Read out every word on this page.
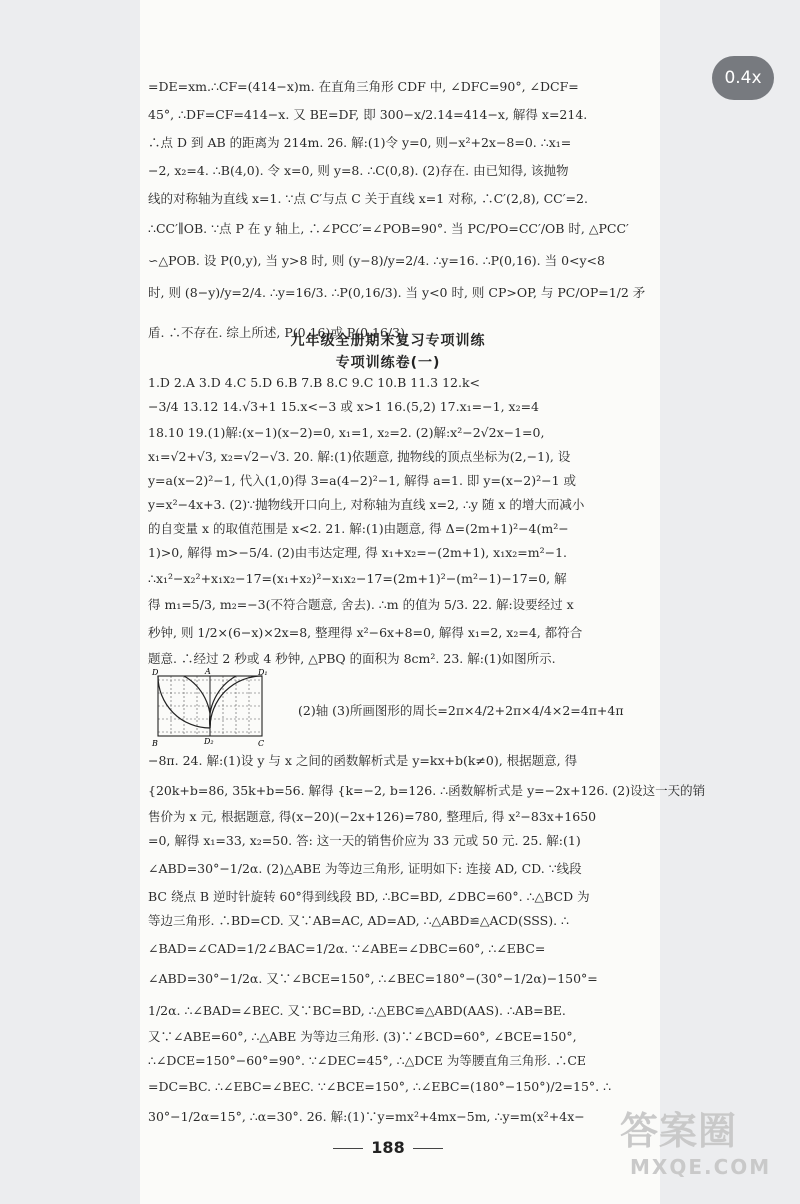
0.4x
=DE=xm.∴CF=(414−x)m. 在直角三角形 CDF 中, ∠DFC=90°, ∠DCF=
45°, ∴DF=CF=414−x. 又 BE=DF, 即 300−x/2.14=414−x, 解得 x=214.
∴点 D 到 AB 的距离为 214m. 26. 解:(1)令 y=0, 则−x²+2x−8=0. ∴x₁=
−2, x₂=4. ∴B(4,0). 令 x=0, 则 y=8. ∴C(0,8). (2)存在. 由已知得, 该抛物
线的对称轴为直线 x=1. ∵点 C′与点 C 关于直线 x=1 对称, ∴C′(2,8), CC′=2.
∴CC′∥OB. ∵点 P 在 y 轴上, ∴∠PCC′=∠POB=90°. 当 PC/PO=CC′/OB 时, △PCC′
∽△POB. 设 P(0,y), 当 y>8 时, 则 (y−8)/y=2/4. ∴y=16. ∴P(0,16). 当 0<y<8
时, 则 (8−y)/y=2/4. ∴y=16/3. ∴P(0,16/3). 当 y<0 时, 则 CP>OP, 与 PC/OP=1/2 矛
盾. ∴不存在. 综上所述, P(0,16)或 P(0,16/3).
九年级全册期末复习专项训练
专项训练卷(一)
1.D 2.A 3.D 4.C 5.D 6.B 7.B 8.C 9.C 10.B 11.3 12.k<
−3/4 13.12 14.√3+1 15.x<−3 或 x>1 16.(5,2) 17.x₁=−1, x₂=4
18.10 19.(1)解:(x−1)(x−2)=0, x₁=1, x₂=2. (2)解:x²−2√2x−1=0,
x₁=√2+√3, x₂=√2−√3. 20. 解:(1)依题意, 抛物线的顶点坐标为(2,−1), 设
y=a(x−2)²−1, 代入(1,0)得 3=a(4−2)²−1, 解得 a=1. 即 y=(x−2)²−1 或
y=x²−4x+3. (2)∵抛物线开口向上, 对称轴为直线 x=2, ∴y 随 x 的增大而减小
的自变量 x 的取值范围是 x<2. 21. 解:(1)由题意, 得 Δ=(2m+1)²−4(m²−
1)>0, 解得 m>−5/4. (2)由韦达定理, 得 x₁+x₂=−(2m+1), x₁x₂=m²−1.
∴x₁²−x₂²+x₁x₂−17=(x₁+x₂)²−x₁x₂−17=(2m+1)²−(m²−1)−17=0, 解
得 m₁=5/3, m₂=−3(不符合题意, 舍去). ∴m 的值为 5/3. 22. 解:设要经过 x
秒钟, 则 1/2×(6−x)×2x=8, 整理得 x²−6x+8=0, 解得 x₁=2, x₂=4, 都符合
题意. ∴经过 2 秒或 4 秒钟, △PBQ 的面积为 8cm². 23. 解:(1)如图所示.
D	A	D₁
B	D₂	C
(2)轴 (3)所画图形的周长=2π×4/2+2π×4/4×2=4π+4π
−8π. 24. 解:(1)设 y 与 x 之间的函数解析式是 y=kx+b(k≠0), 根据题意, 得
{20k+b=86, 35k+b=56. 解得 {k=−2, b=126. ∴函数解析式是 y=−2x+126. (2)设这一天的销
售价为 x 元, 根据题意, 得(x−20)(−2x+126)=780, 整理后, 得 x²−83x+1650
=0, 解得 x₁=33, x₂=50. 答: 这一天的销售价应为 33 元或 50 元. 25. 解:(1)
∠ABD=30°−1/2α. (2)△ABE 为等边三角形, 证明如下: 连接 AD, CD. ∵线段
BC 绕点 B 逆时针旋转 60°得到线段 BD, ∴BC=BD, ∠DBC=60°. ∴△BCD 为
等边三角形. ∴BD=CD. 又∵AB=AC, AD=AD, ∴△ABD≌△ACD(SSS). ∴
∠BAD=∠CAD=1/2∠BAC=1/2α. ∵∠ABE=∠DBC=60°, ∴∠EBC=
∠ABD=30°−1/2α. 又∵∠BCE=150°, ∴∠BEC=180°−(30°−1/2α)−150°=
1/2α. ∴∠BAD=∠BEC. 又∵BC=BD, ∴△EBC≌△ABD(AAS). ∴AB=BE.
又∵∠ABE=60°, ∴△ABE 为等边三角形. (3)∵∠BCD=60°, ∠BCE=150°,
∴∠DCE=150°−60°=90°. ∵∠DEC=45°, ∴△DCE 为等腰直角三角形. ∴CE
=DC=BC. ∴∠EBC=∠BEC. ∵∠BCE=150°, ∴∠EBC=(180°−150°)/2=15°. ∴
30°−1/2α=15°, ∴α=30°. 26. 解:(1)∵y=mx²+4mx−5m, ∴y=m(x²+4x−
188	答案圈
MXQE.COM
